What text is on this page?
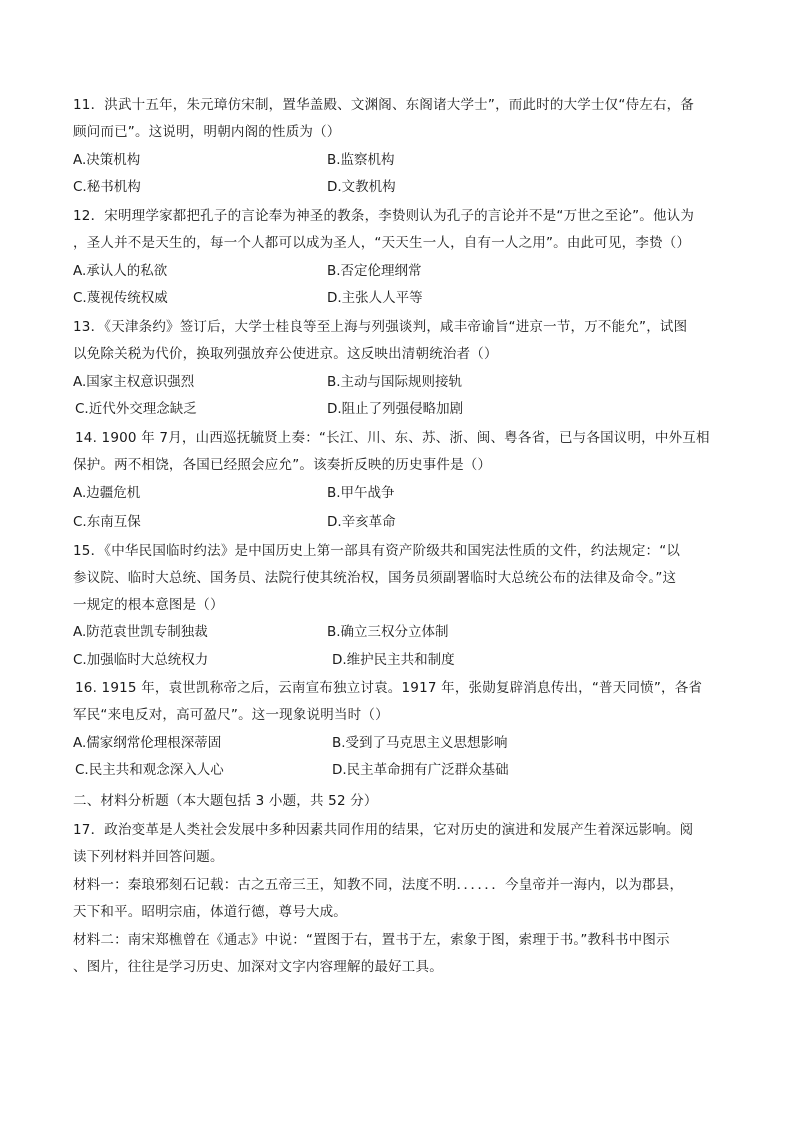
11．洪武十五年，朱元璋仿宋制，置华盖殿、文渊阁、东阁诸大学士”，而此时的大学士仅“侍左右，备
顾问而已”。这说明，明朝内阁的性质为（）
A.决策机构	B.监察机构
C.秘书机构	D.文教机构
12．宋明理学家都把孔子的言论奉为神圣的教条，李贽则认为孔子的言论并不是“万世之至论”。他认为
，圣人并不是天生的，每一个人都可以成为圣人，“天天生一人，自有一人之用”。由此可见，李贽（）
A.承认人的私欲	B.否定伦理纲常
C.蔑视传统权威	D.主张人人平等
13．《天津条约》签订后，大学士桂良等至上海与列强谈判，咸丰帝谕旨“进京一节，万不能允”，试图
以免除关税为代价，换取列强放弃公使进京。这反映出清朝统治者（）
A.国家主权意识强烈	B.主动与国际规则接轨
C.近代外交理念缺乏	D.阻止了列强侵略加剧
14. 1900 年 7月，山西巡抚毓贤上奏：“长江、川、东、苏、浙、闽、粤各省，已与各国议明，中外互相
保护。两不相饶，各国已经照会应允”。该奏折反映的历史事件是（）
A.边疆危机	B.甲午战争
C.东南互保	D.辛亥革命
15．《中华民国临时约法》是中国历史上第一部具有资产阶级共和国宪法性质的文件，约法规定：“以
参议院、临时大总统、国务员、法院行使其统治权，国务员须副署临时大总统公布的法律及命令。”这
一规定的根本意图是（）
A.防范袁世凯专制独裁	B.确立三权分立体制
C.加强临时大总统权力	D.维护民主共和制度
16. 1915 年，袁世凯称帝之后，云南宣布独立讨袁。1917 年，张勋复辟消息传出，“普天同愤”，各省
军民“来电反对，高可盈尺”。这一现象说明当时（）
A.儒家纲常伦理根深蒂固	B.受到了马克思主义思想影响
C.民主共和观念深入人心	D.民主革命拥有广泛群众基础
二、材料分析题（本大题包括 3 小题，共 52 分）
17．政治变革是人类社会发展中多种因素共同作用的结果，它对历史的演进和发展产生着深远影响。阅
读下列材料并回答问题。
材料一：秦琅邪刻石记载：古之五帝三王，知教不同，法度不明．．．．．．今皇帝并一海内，以为郡县，
天下和平。昭明宗庙，体道行德，尊号大成。
材料二：南宋郑樵曾在《通志》中说：“置图于右，置书于左，索象于图，索理于书。”教科书中图示
、图片，往往是学习历史、加深对文字内容理解的最好工具。
